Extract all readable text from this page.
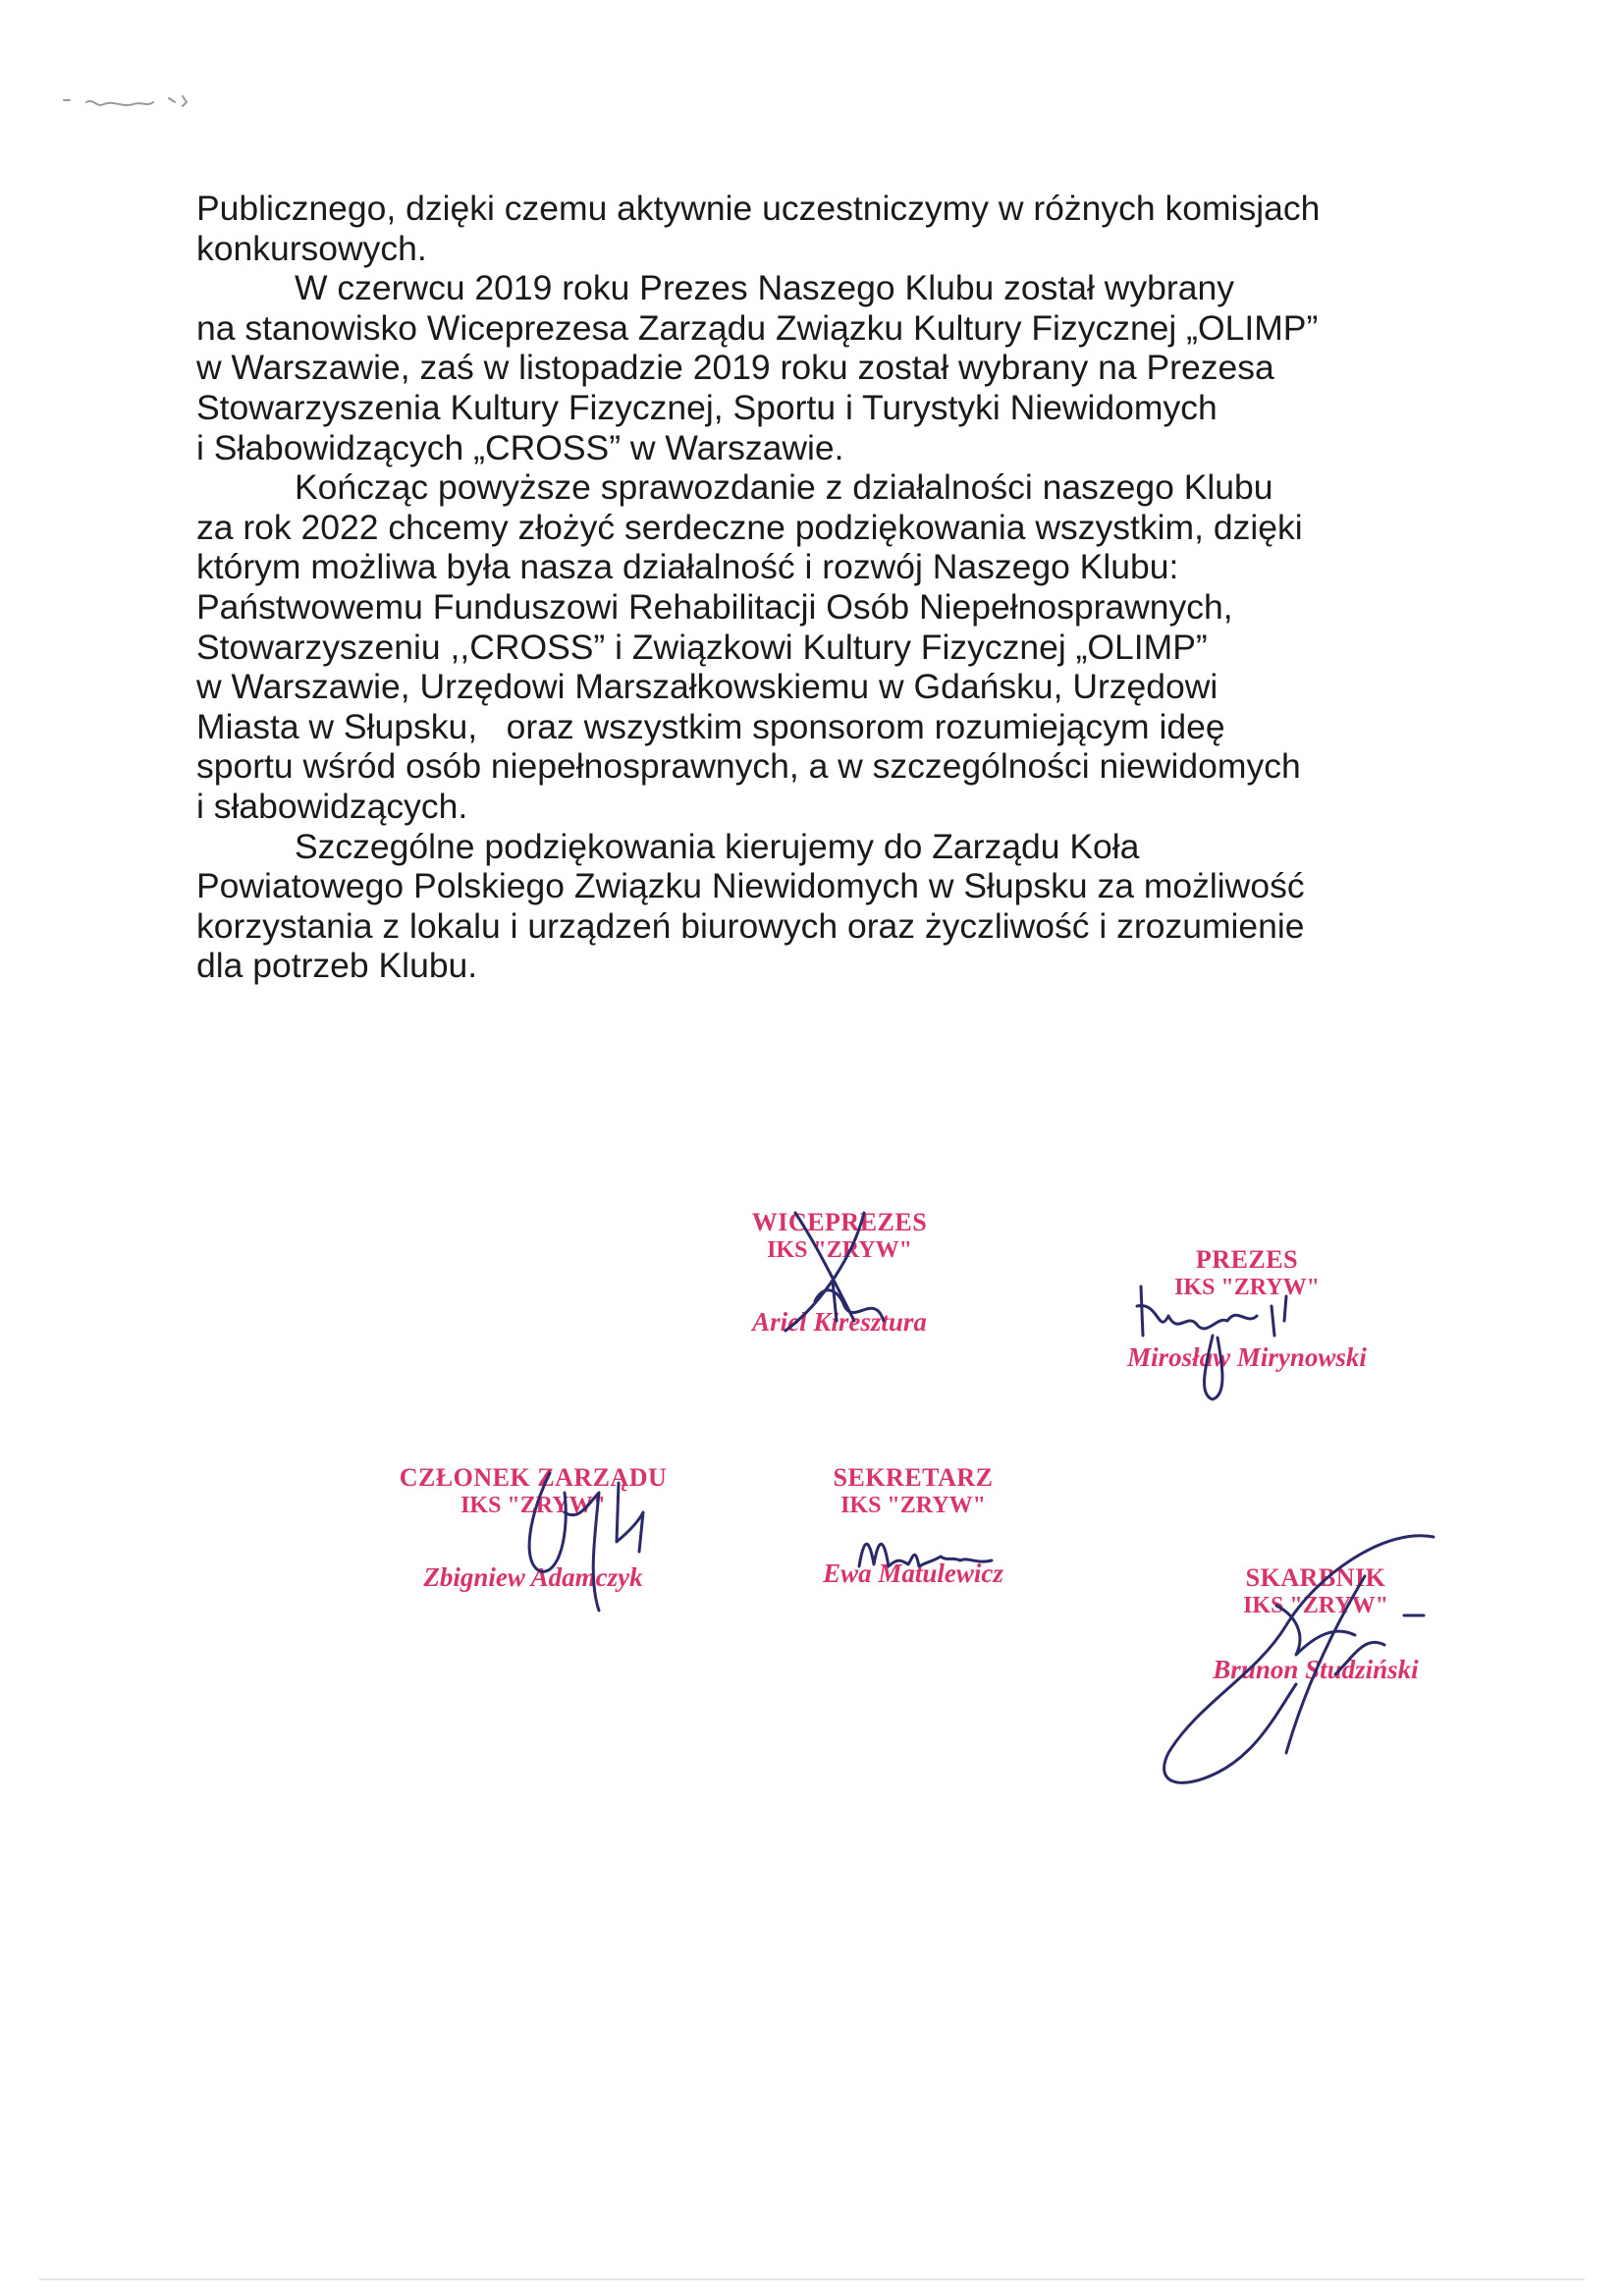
Publicznego, dzięki czemu aktywnie uczestniczymy w różnych komisjach
konkursowych.
W czerwcu 2019 roku Prezes Naszego Klubu został wybrany
na stanowisko Wiceprezesa Zarządu Związku Kultury Fizycznej „OLIMP”
w Warszawie, zaś w listopadzie 2019 roku został wybrany na Prezesa
Stowarzyszenia Kultury Fizycznej, Sportu i Turystyki Niewidomych
i Słabowidzących „CROSS” w Warszawie.
Kończąc powyższe sprawozdanie z działalności naszego Klubu
za rok 2022 chcemy złożyć serdeczne podziękowania wszystkim, dzięki
którym możliwa była nasza działalność i rozwój Naszego Klubu:
Państwowemu Funduszowi Rehabilitacji Osób Niepełnosprawnych,
Stowarzyszeniu ,,CROSS” i Związkowi Kultury Fizycznej „OLIMP”
w Warszawie, Urzędowi Marszałkowskiemu w Gdańsku, Urzędowi
Miasta w Słupsku,   oraz wszystkim sponsorom rozumiejącym ideę
sportu wśród osób niepełnosprawnych, a w szczególności niewidomych
i słabowidzących.
Szczególne podziękowania kierujemy do Zarządu Koła
Powiatowego Polskiego Związku Niewidomych w Słupsku za możliwość
korzystania z lokalu i urządzeń biurowych oraz życzliwość i zrozumienie
dla potrzeb Klubu.
WICEPREZES
IKS "ZRYW"
Ariel Kiresztura
PREZES
IKS "ZRYW"
Mirosław Mirynowski
CZŁONEK ZARZĄDU
IKS "ZRYW"
Zbigniew Adamczyk
SEKRETARZ
IKS "ZRYW"
Ewa Matulewicz	SKARBNIK
IKS "ZRYW"
Brunon Studziński
